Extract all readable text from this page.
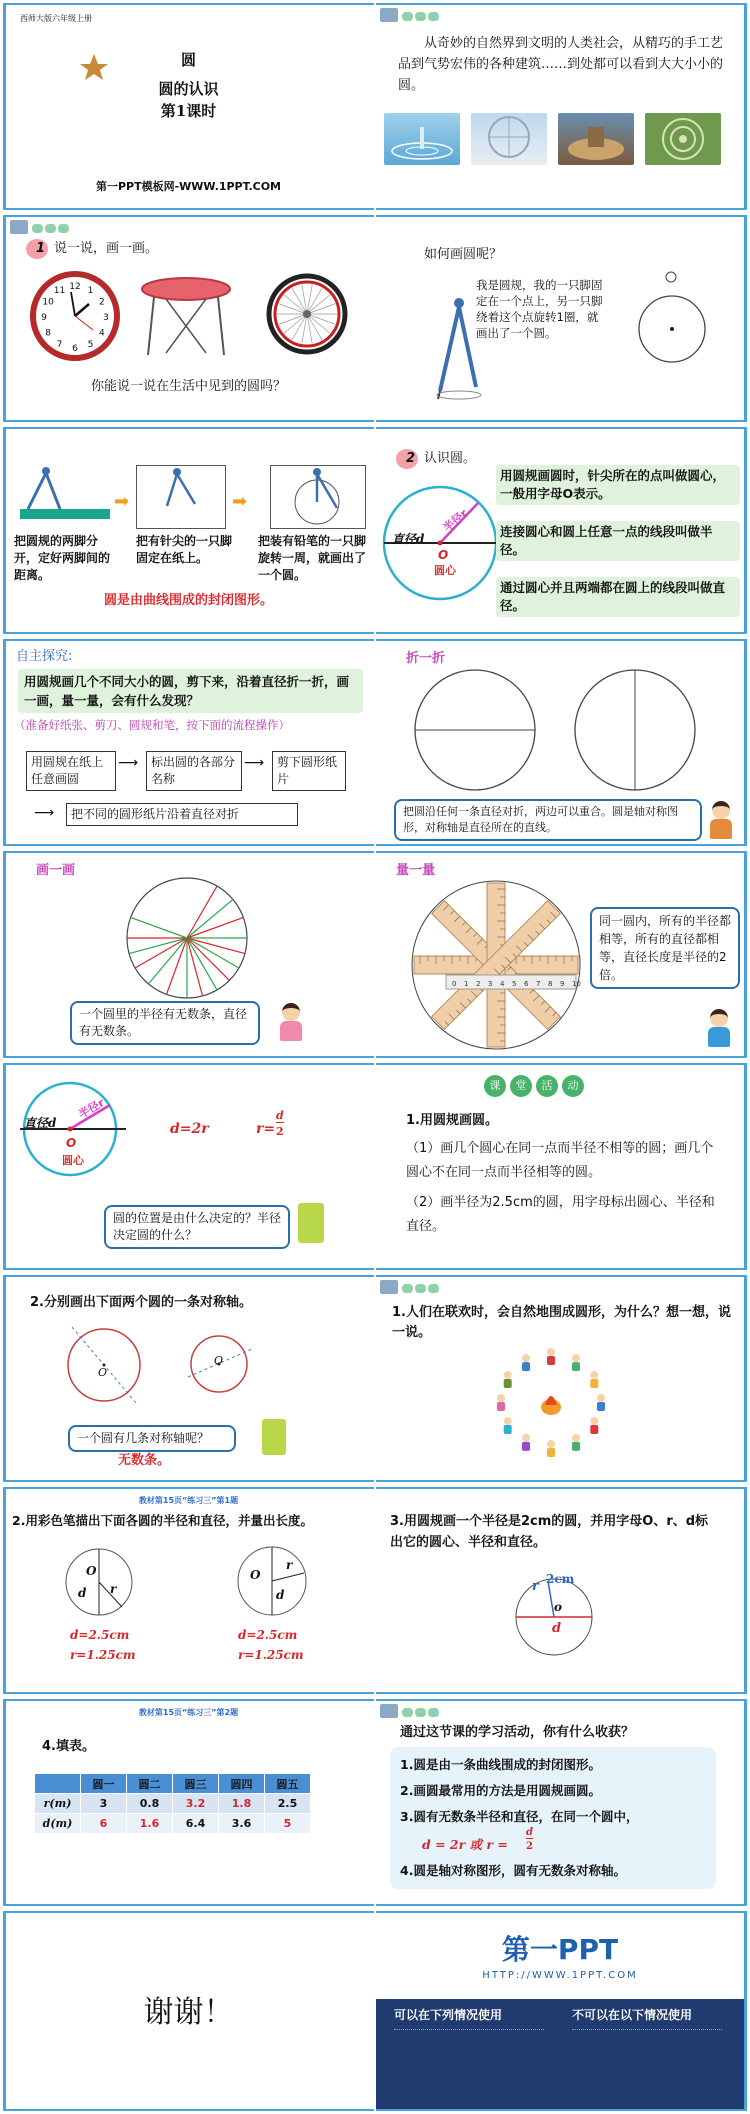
西师大版六年级上册
圆
圆的认识
第1课时
第一PPT模板网-WWW.1PPT.COM
从奇妙的自然界到文明的人类社会，从精巧的手工艺品到气势宏伟的各种建筑……到处都可以看到大大小小的圆。
1 说一说，画一画。
12 1
2
3
4
5
6
7
8
9
10
11
你能说一说在生活中见到的圆吗？
如何画圆呢？
我是圆规，我的一只脚固定在一个点上，另一只脚绕着这个点旋转1圈，就画出了一个圆。
➡	➡
把圆规的两脚分开，定好两脚间的距离。
把有针尖的一只脚固定在纸上。
把装有铅笔的一只脚旋转一周，就画出了一个圆。
圆是由曲线围成的封闭图形。
2 认识圆。
直径d
半径r
O
圆心
用圆规画圆时，针尖所在的点叫做圆心，一般用字母O表示。
连接圆心和圆上任意一点的线段叫做半径。
通过圆心并且两端都在圆上的线段叫做直径。
自主探究:
用圆规画几个不同大小的圆，剪下来，沿着直径折一折，画一画，量一量，会有什么发现？
（准备好纸张、剪刀、圆规和笔，按下面的流程操作）
用圆规在纸上任意画圆
⟶	标出圆的各部分名称
⟶	剪下圆形纸片
⟶	把不同的圆形纸片沿着直径对折
折一折
把圆沿任何一条直径对折，两边可以重合。圆是轴对称图形，对称轴是直径所在的直线。
画一画
一个圆里的半径有无数条，直径有无数条。
量一量
0 1 2 3 4 5 6 7 8 9 10
同一圆内，所有的半径都相等，所有的直径都相等，直径长度是半径的2倍。
直径d
半径r
O
圆心
d=2r	r=
d
2
圆的位置是由什么决定的？半径决定圆的什么？
课	堂	活	动
1.用圆规画圆。
（1）画几个圆心在同一点而半径不相等的圆；画几个圆心不在同一点而半径相等的圆。
（2）画半径为2.5cm的圆，用字母标出圆心、半径和直径。
2.分别画出下面两个圆的一条对称轴。
O
O
一个圆有几条对称轴呢？
无数条。
1.人们在联欢时，会自然地围成圆形，为什么？想一想，说一说。
教材第15页“练习三”第1题
2.用彩色笔描出下面各圆的半径和直径，并量出长度。
O
d r
d=2.5cm
r=1.25cm
O
d
r
d=2.5cm
r=1.25cm
3.用圆规画一个半径是2cm的圆，并用字母O、r、d标出它的圆心、半径和直径。
r 2cm
o
d
教材第15页“练习三”第2题
4.填表。
	圆一	圆二	圆三	圆四	圆五
r(m)	3	0.8	3.2	1.8	2.5
d(m)	6	1.6	6.4	3.6	5
通过这节课的学习活动，你有什么收获？
1.圆是由一条曲线围成的封闭图形。
2.画圆最常用的方法是用圆规画圆。
3.圆有无数条半径和直径，在同一个圆中，
d = 2r 或 r =
d
2
4.圆是轴对称图形，圆有无数条对称轴。
谢谢！
第一PPT
HTTP://WWW.1PPT.COM
可以在下列情况使用	不可以在以下情况使用
